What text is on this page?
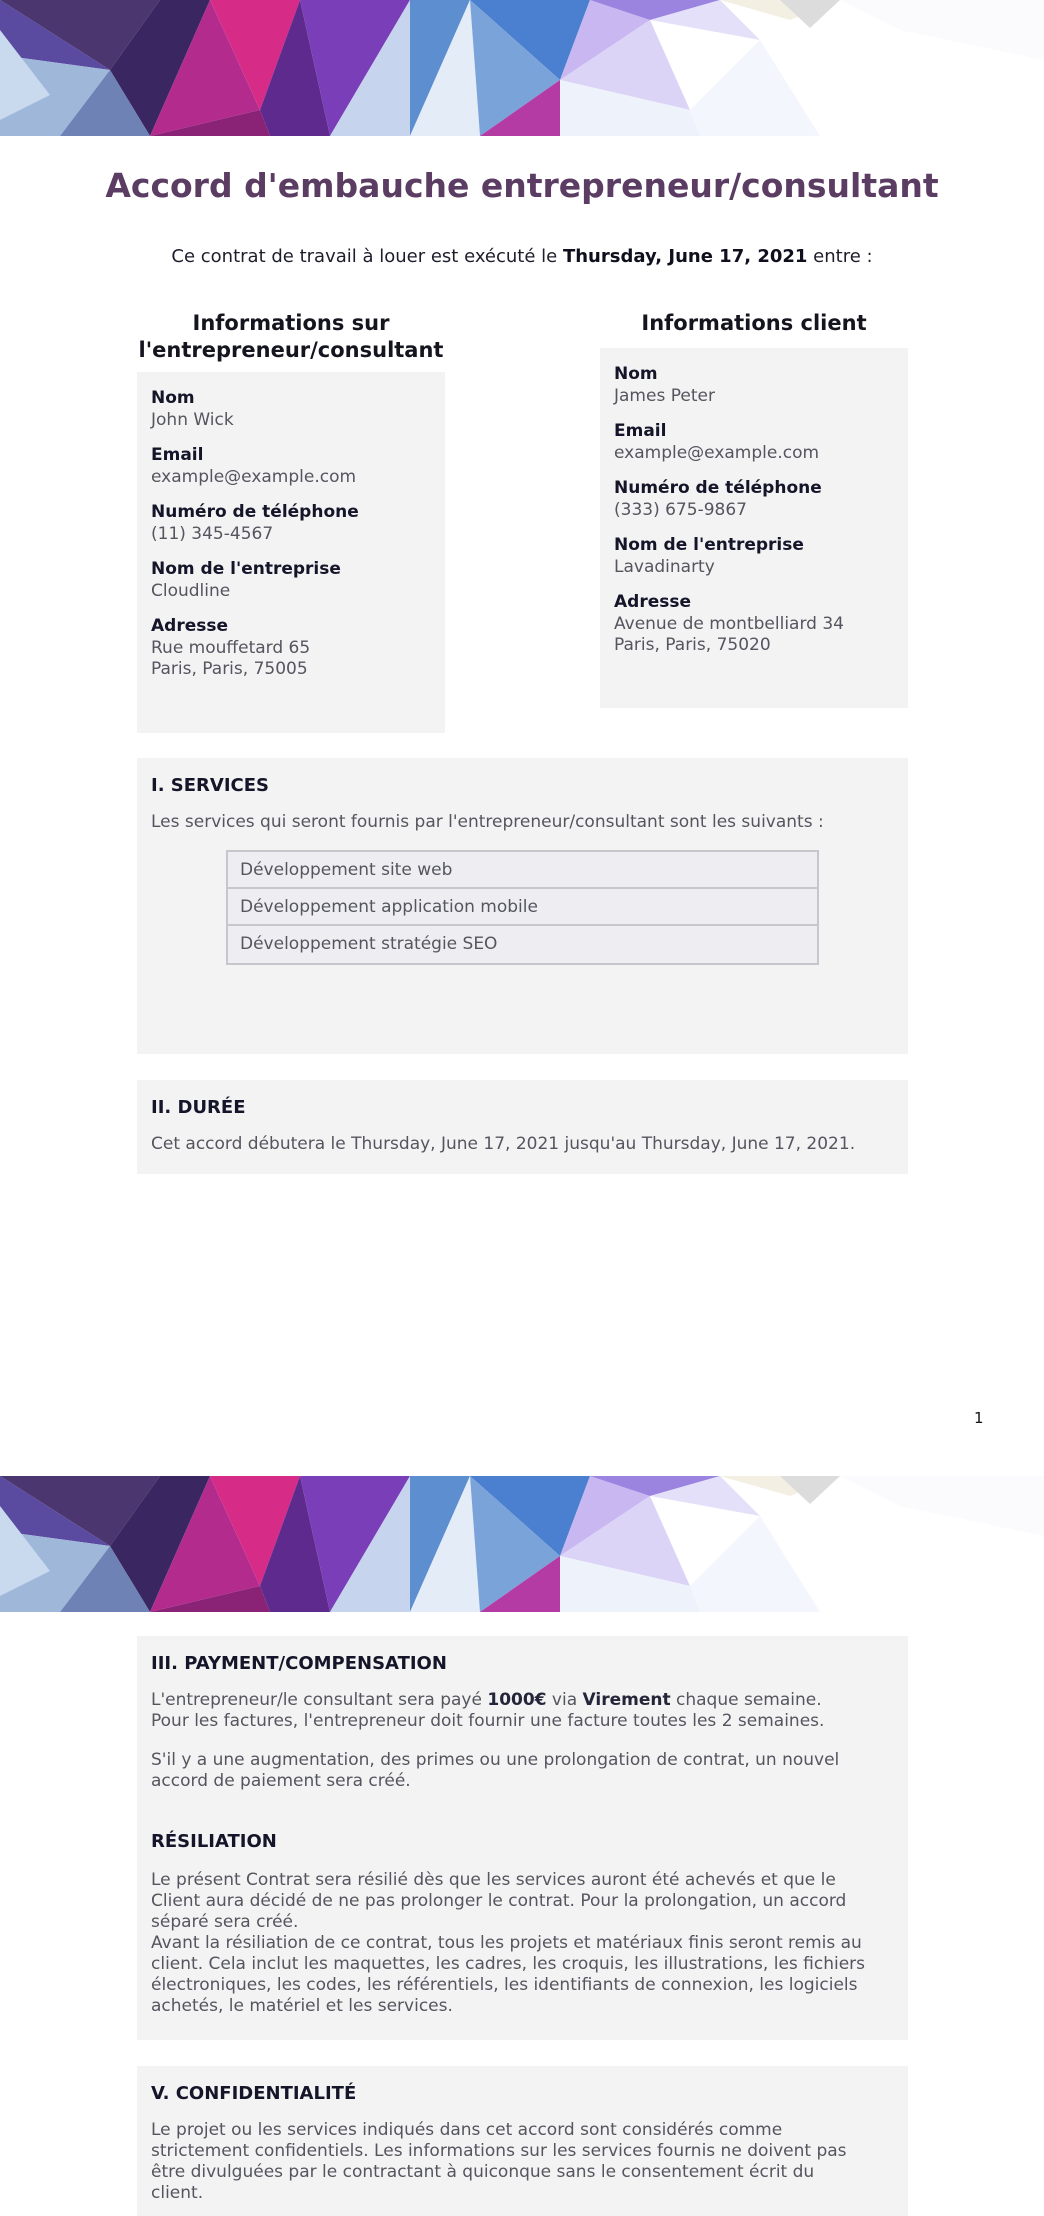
Accord d'embauche entrepreneur/consultant
Ce contrat de travail à louer est exécuté le Thursday, June 17, 2021 entre :
Informations sur
l'entrepreneur/consultant
Nom
John Wick
Email
example@example.com
Numéro de téléphone
(11) 345-4567
Nom de l'entreprise
Cloudline
Adresse
Rue mouffetard 65
Paris, Paris, 75005
Informations client
Nom
James Peter
Email
example@example.com
Numéro de téléphone
(333) 675-9867
Nom de l'entreprise
Lavadinarty
Adresse
Avenue de montbelliard 34
Paris, Paris, 75020
I. SERVICES
Les services qui seront fournis par l'entrepreneur/consultant sont les suivants :
Développement site web
Développement application mobile
Développement stratégie SEO
II. DURÉE
Cet accord débutera le Thursday, June 17, 2021 jusqu'au Thursday, June 17, 2021.
1
III. PAYMENT/COMPENSATION
L'entrepreneur/le consultant sera payé 1000€ via Virement chaque semaine.
Pour les factures, l'entrepreneur doit fournir une facture toutes les 2 semaines.
S'il y a une augmentation, des primes ou une prolongation de contrat, un nouvel
accord de paiement sera créé.
RÉSILIATION
Le présent Contrat sera résilié dès que les services auront été achevés et que le
Client aura décidé de ne pas prolonger le contrat. Pour la prolongation, un accord
séparé sera créé.
Avant la résiliation de ce contrat, tous les projets et matériaux finis seront remis au
client. Cela inclut les maquettes, les cadres, les croquis, les illustrations, les fichiers
électroniques, les codes, les référentiels, les identifiants de connexion, les logiciels
achetés, le matériel et les services.
V. CONFIDENTIALITÉ
Le projet ou les services indiqués dans cet accord sont considérés comme
strictement confidentiels. Les informations sur les services fournis ne doivent pas
être divulguées par le contractant à quiconque sans le consentement écrit du
client.
